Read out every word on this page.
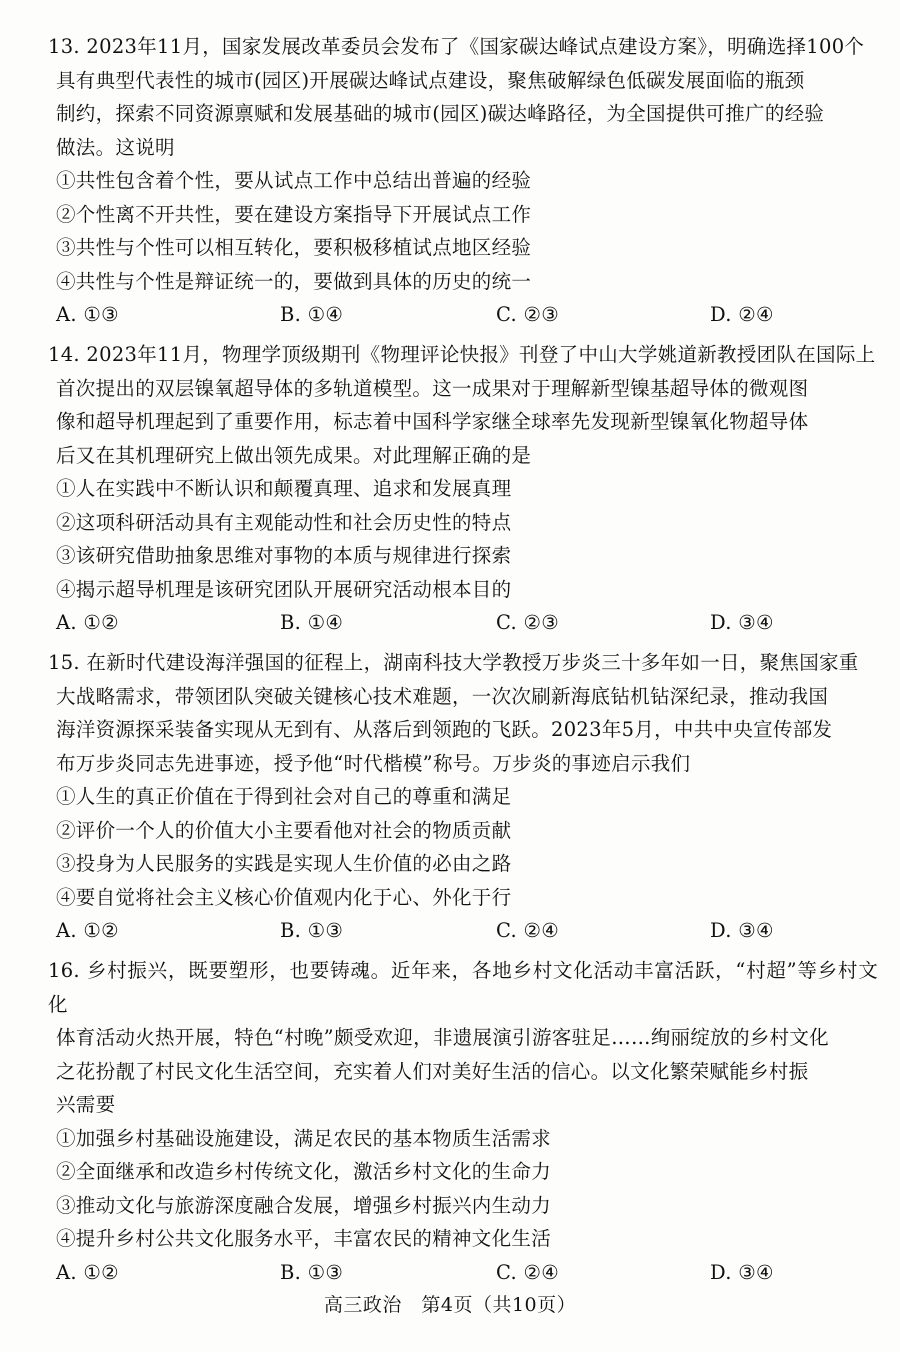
13. 2023年11月，国家发展改革委员会发布了《国家碳达峰试点建设方案》，明确选择100个

具有典型代表性的城市(园区)开展碳达峰试点建设，聚焦破解绿色低碳发展面临的瓶颈

制约，探索不同资源禀赋和发展基础的城市(园区)碳达峰路径，为全国提供可推广的经验

做法。这说明

①共性包含着个性，要从试点工作中总结出普遍的经验

②个性离不开共性，要在建设方案指导下开展试点工作

③共性与个性可以相互转化，要积极移植试点地区经验

④共性与个性是辩证统一的，要做到具体的历史的统一

A. ①③	B. ①④	C. ②③	D. ②④

14. 2023年11月，物理学顶级期刊《物理评论快报》刊登了中山大学姚道新教授团队在国际上

首次提出的双层镍氧超导体的多轨道模型。这一成果对于理解新型镍基超导体的微观图

像和超导机理起到了重要作用，标志着中国科学家继全球率先发现新型镍氧化物超导体

后又在其机理研究上做出领先成果。对此理解正确的是

①人在实践中不断认识和颠覆真理、追求和发展真理

②这项科研活动具有主观能动性和社会历史性的特点

③该研究借助抽象思维对事物的本质与规律进行探索

④揭示超导机理是该研究团队开展研究活动根本目的

A. ①②	B. ①④	C. ②③	D. ③④

15. 在新时代建设海洋强国的征程上，湖南科技大学教授万步炎三十多年如一日，聚焦国家重

大战略需求，带领团队突破关键核心技术难题，一次次刷新海底钻机钻深纪录，推动我国

海洋资源探采装备实现从无到有、从落后到领跑的飞跃。2023年5月，中共中央宣传部发

布万步炎同志先进事迹，授予他“时代楷模”称号。万步炎的事迹启示我们

①人生的真正价值在于得到社会对自己的尊重和满足

②评价一个人的价值大小主要看他对社会的物质贡献

③投身为人民服务的实践是实现人生价值的必由之路

④要自觉将社会主义核心价值观内化于心、外化于行

A. ①②	B. ①③	C. ②④	D. ③④

16. 乡村振兴，既要塑形，也要铸魂。近年来，各地乡村文化活动丰富活跃，“村超”等乡村文化

体育活动火热开展，特色“村晚”颇受欢迎，非遗展演引游客驻足……绚丽绽放的乡村文化

之花扮靓了村民文化生活空间，充实着人们对美好生活的信心。以文化繁荣赋能乡村振

兴需要

①加强乡村基础设施建设，满足农民的基本物质生活需求

②全面继承和改造乡村传统文化，激活乡村文化的生命力

③推动文化与旅游深度融合发展，增强乡村振兴内生动力

④提升乡村公共文化服务水平，丰富农民的精神文化生活

A. ①②	B. ①③	C. ②④	D. ③④
高三政治　第4页（共10页）
